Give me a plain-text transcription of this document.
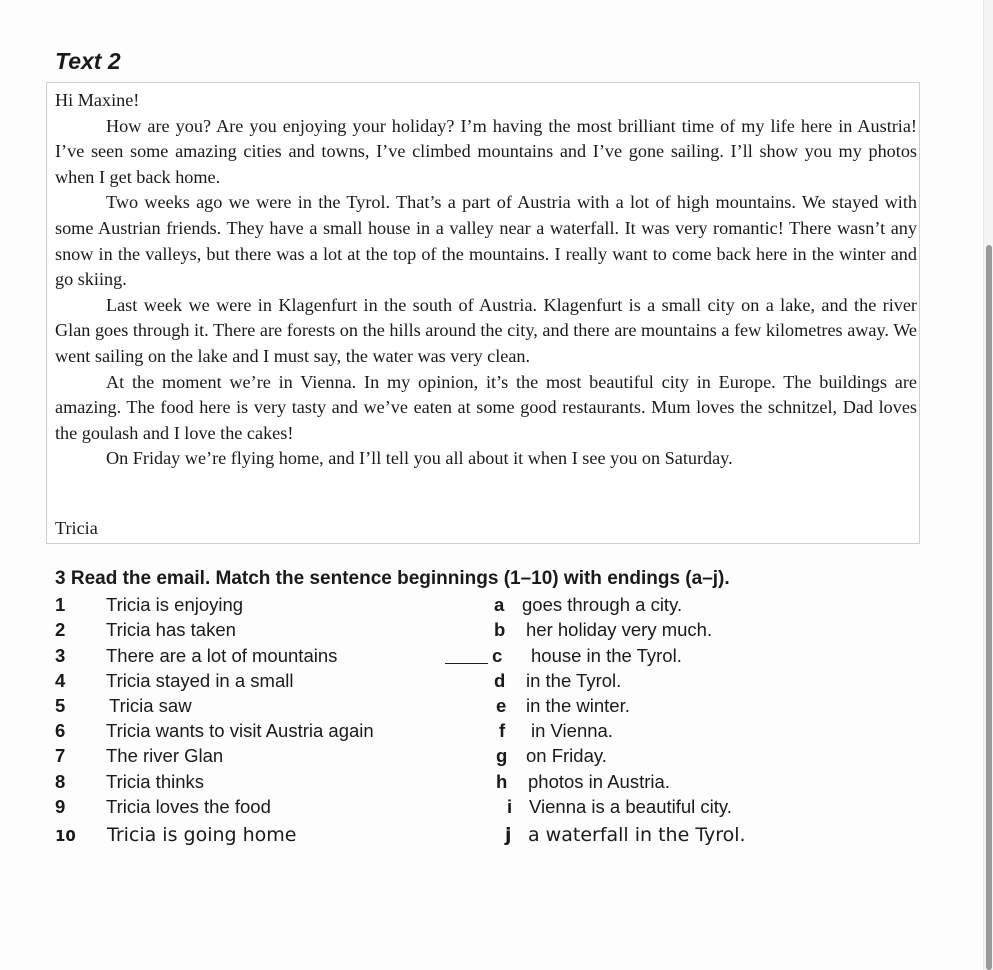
Text 2

Hi Maxine!

How are you? Are you enjoying your holiday? I’m having the most brilliant time of my life here in Austria! I’ve seen some amazing cities and towns, I’ve climbed mountains and I’ve gone sailing. I’ll show you my photos when I get back home.

Two weeks ago we were in the Tyrol. That’s a part of Austria with a lot of high mountains. We stayed with some Austrian friends. They have a small house in a valley near a waterfall. It was very romantic! There wasn’t any snow in the valleys, but there was a lot at the top of the mountains. I really want to come back here in the winter and go skiing.

Last week we were in Klagenfurt in the south of Austria. Klagenfurt is a small city on a lake, and the river Glan goes through it. There are forests on the hills around the city, and there are mountains a few kilometres away. We went sailing on the lake and I must say, the water was very clean.

At the moment we’re in Vienna. In my opinion, it’s the most beautiful city in Europe. The buildings are amazing. The food here is very tasty and we’ve eaten at some good restaurants. Mum loves the schnitzel, Dad loves the goulash and I love the cakes!

On Friday we’re flying home, and I’ll tell you all about it when I see you on Saturday.

Tricia
3 Read the email. Match the sentence beginnings (1–10) with endings (a–j).
1 Tricia is enjoying	a goes through a city.
2 Tricia has taken	b her holiday very much.
3 There are a lot of mountains	c house in the Tyrol.
4 Tricia stayed in a small	d in the Tyrol.
5 Tricia saw	e in the winter.
6 Tricia wants to visit Austria again	f in Vienna.
7 The river Glan	g on Friday.
8 Tricia thinks	h photos in Austria.
9 Tricia loves the food	i Vienna is a beautiful city.
10 Tricia is going home	j a waterfall in the Tyrol.
